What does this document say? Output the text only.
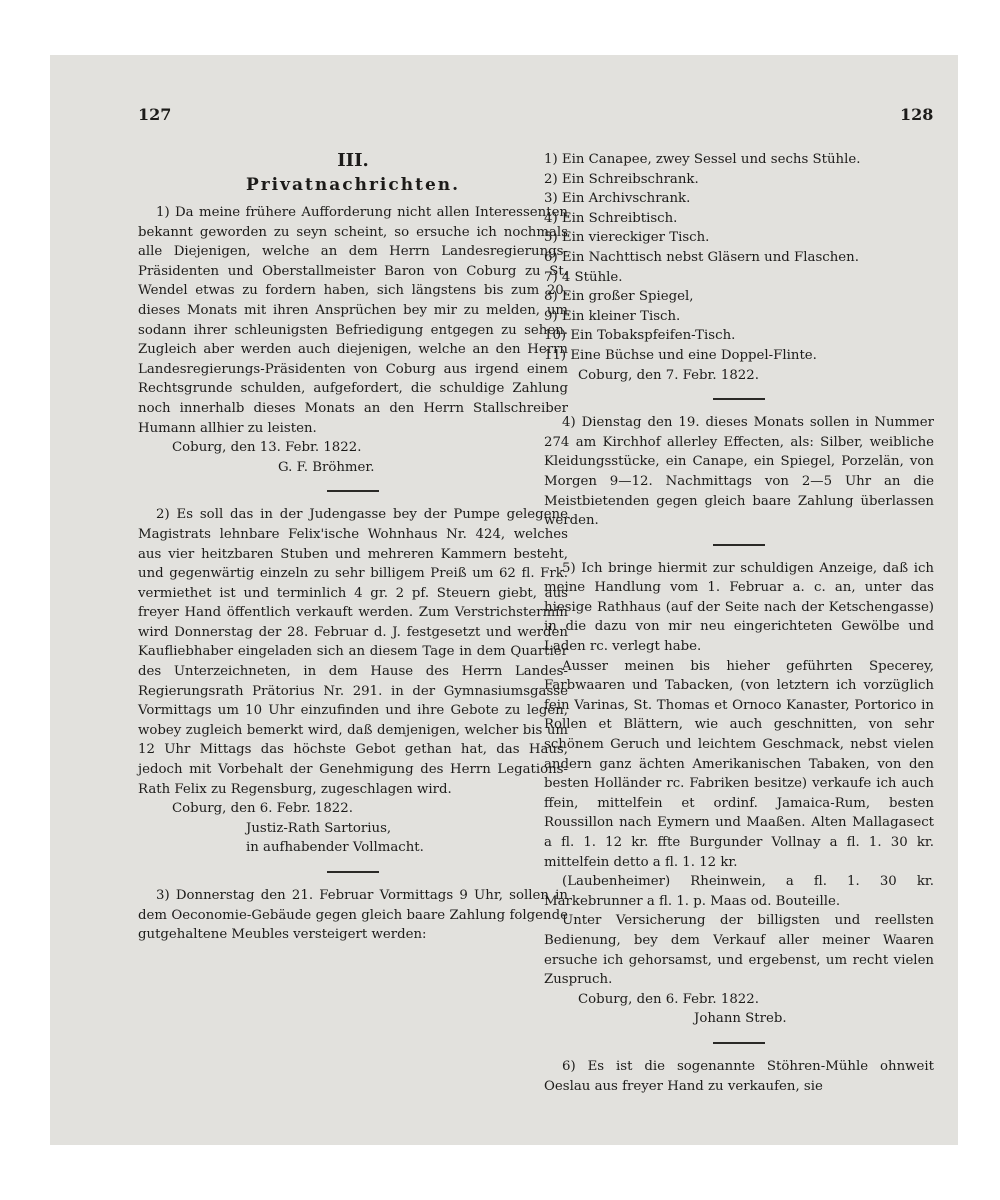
127	128
III.
Privatnachrichten.

1) Da meine frühere Aufforderung nicht allen Interessenten bekannt geworden zu seyn scheint, so ersuche ich nochmals alle Diejenigen, welche an dem Herrn Landesregierungs-Präsidenten und Oberstallmeister Baron von Coburg zu St. Wendel etwas zu fordern haben, sich längstens bis zum 20. dieses Monats mit ihren Ansprüchen bey mir zu melden, um sodann ihrer schleunigsten Befriedigung entgegen zu sehen. Zugleich aber werden auch diejenigen, welche an den Herrn Landesregierungs-Präsidenten von Coburg aus irgend einem Rechtsgrunde schulden, aufgefordert, die schuldige Zahlung noch innerhalb dieses Monats an den Herrn Stallschreiber Humann allhier zu leisten.

Coburg, den 13. Febr. 1822.
G. F. Bröhmer.

2) Es soll das in der Judengasse bey der Pumpe gelegene Magistrats lehnbare Felix'ische Wohnhaus Nr. 424, welches aus vier heitzbaren Stuben und mehreren Kammern besteht, und gegenwärtig einzeln zu sehr billigem Preiß um 62 fl. Frk. vermiethet ist und terminlich 4 gr. 2 pf. Steuern giebt, aus freyer Hand öffentlich verkauft werden. Zum Verstrichstermin wird Donnerstag der 28. Februar d. J. festgesetzt und werden Kaufliebhaber eingeladen sich an diesem Tage in dem Quartier des Unterzeichneten, in dem Hause des Herrn Landes-Regierungsrath Prätorius Nr. 291. in der Gymnasiumsgasse Vormittags um 10 Uhr einzufinden und ihre Gebote zu legen, wobey zugleich bemerkt wird, daß demjenigen, welcher bis um 12 Uhr Mittags das höchste Gebot gethan hat, das Haus, jedoch mit Vorbehalt der Genehmigung des Herrn Legations-Rath Felix zu Regensburg, zugeschlagen wird.

Coburg, den 6. Febr. 1822.
Justiz-Rath Sartorius,
in aufhabender Vollmacht.

3) Donnerstag den 21. Februar Vormittags 9 Uhr, sollen in dem Oeconomie-Gebäude gegen gleich baare Zahlung folgende gutgehaltene Meubles versteigert werden:

1) Ein Canapee, zwey Sessel und sechs Stühle.
2) Ein Schreibschrank.
3) Ein Archivschrank.
4) Ein Schreibtisch.
5) Ein viereckiger Tisch.
6) Ein Nachttisch nebst Gläsern und Flaschen.
7) 4 Stühle.
8) Ein großer Spiegel,
9) Ein kleiner Tisch.
10) Ein Tobakspfeifen-Tisch.
11) Eine Büchse und eine Doppel-Flinte.
Coburg, den 7. Febr. 1822.

4) Dienstag den 19. dieses Monats sollen in Nummer 274 am Kirchhof allerley Effecten, als: Silber, weibliche Kleidungsstücke, ein Canape, ein Spiegel, Porzelän, von Morgen 9—12. Nachmittags von 2—5 Uhr an die Meistbietenden gegen gleich baare Zahlung überlassen werden.

5) Ich bringe hiermit zur schuldigen Anzeige, daß ich meine Handlung vom 1. Februar a. c. an, unter das hiesige Rathhaus (auf der Seite nach der Ketschengasse) in die dazu von mir neu eingerichteten Gewölbe und Laden rc. verlegt habe.

Ausser meinen bis hieher geführten Specerey, Farbwaaren und Tabacken, (von letztern ich vorzüglich fein Varinas, St. Thomas et Ornoco Kanaster, Portorico in Rollen et Blättern, wie auch geschnitten, von sehr schönem Geruch und leichtem Geschmack, nebst vielen andern ganz ächten Amerikanischen Tabaken, von den besten Holländer rc. Fabriken besitze) verkaufe ich auch ffein, mittelfein et ordinf. Jamaica-Rum, besten Roussillon nach Eymern und Maaßen. Alten Mallagasect a fl. 1. 12 kr. ffte Burgunder Vollnay a fl. 1. 30 kr. mittelfein detto a fl. 1. 12 kr.

(Laubenheimer) Rheinwein, a fl. 1. 30 kr. Markebrunner a fl. 1. p. Maas od. Bouteille.

Unter Versicherung der billigsten und reellsten Bedienung, bey dem Verkauf aller meiner Waaren ersuche ich gehorsamst, und ergebenst, um recht vielen Zuspruch.

Coburg, den 6. Febr. 1822.
Johann Streb.

6) Es ist die sogenannte Stöhren-Mühle ohnweit Oeslau aus freyer Hand zu verkaufen, sie
